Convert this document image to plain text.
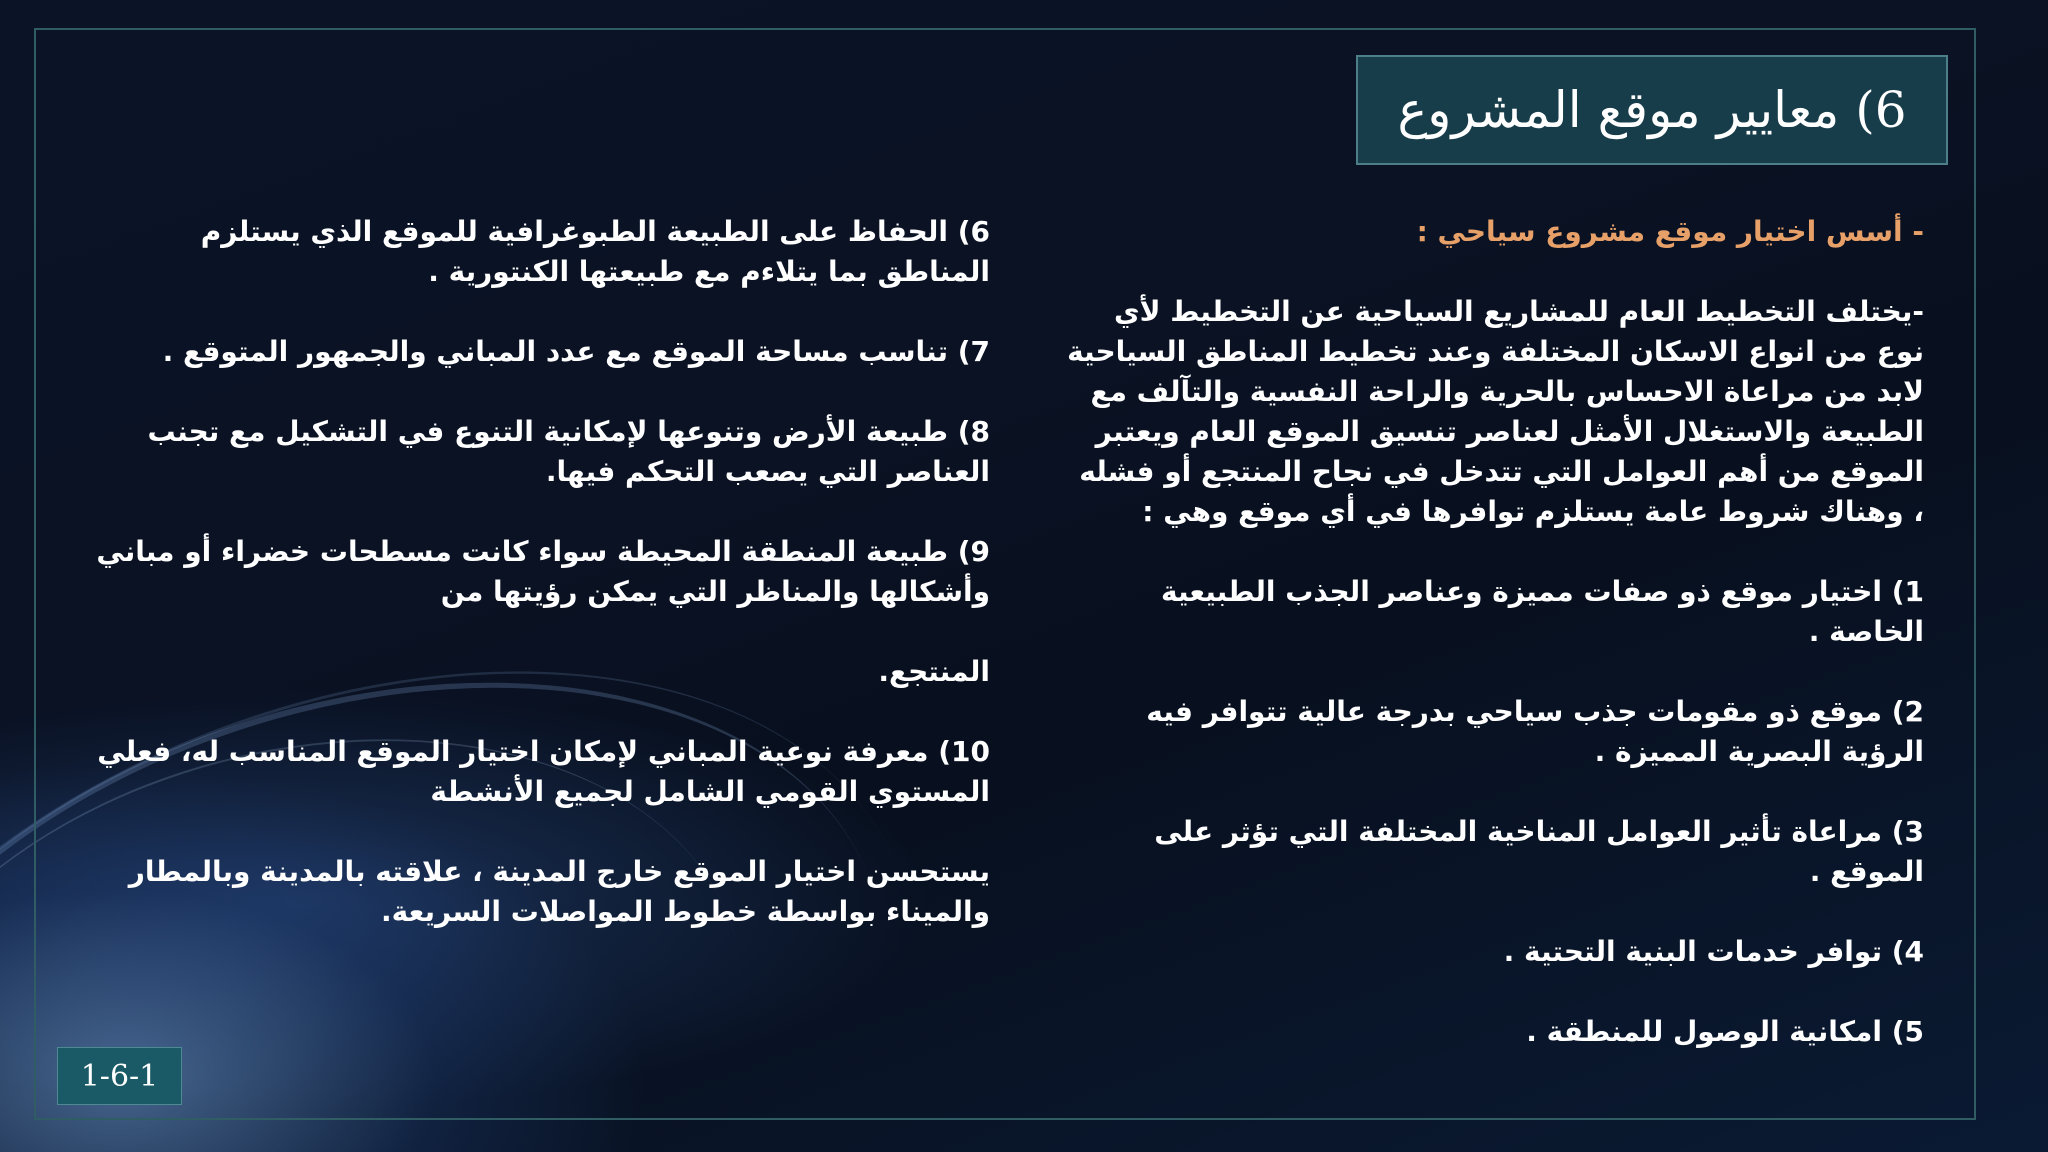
6) معايير موقع المشروع
- أسس اختيار موقع مشروع سياحي :

-يختلف التخطيط العام للمشاريع السياحية عن التخطيط لأي نوع من انواع الاسكان المختلفة وعند تخطيط المناطق السياحية لابد من مراعاة الاحساس بالحرية والراحة النفسية والتآلف مع الطبيعة والاستغلال الأمثل لعناصر تنسيق الموقع العام ويعتبر الموقع من أهم العوامل التي تتدخل في نجاح المنتجع أو فشله ، وهناك شروط عامة يستلزم توافرها في أي موقع وهي :

1) اختيار موقع ذو صفات مميزة وعناصر الجذب الطبيعية الخاصة .

2) موقع ذو مقومات جذب سياحي بدرجة عالية تتوافر فيه الرؤية البصرية المميزة .

3) مراعاة تأثير العوامل المناخية المختلفة التي تؤثر على الموقع .

4) توافر خدمات البنية التحتية .

5) امكانية الوصول للمنطقة .

6) الحفاظ على الطبيعة الطبوغرافية للموقع الذي يستلزم المناطق بما يتلاءم مع طبيعتها الكنتورية .

7) تناسب مساحة الموقع مع عدد المباني والجمهور المتوقع .

8) طبيعة الأرض وتنوعها لإمكانية التنوع في التشكيل مع تجنب العناصر التي يصعب التحكم فيها.

9) طبيعة المنطقة المحيطة سواء كانت مسطحات خضراء أو مباني وأشكالها والمناظر التي يمكن رؤيتها من

المنتجع.

10) معرفة نوعية المباني لإمكان اختيار الموقع المناسب له، فعلي المستوي القومي الشامل لجميع الأنشطة

يستحسن اختيار الموقع خارج المدينة ، علاقته بالمدينة وبالمطار والميناء بواسطة خطوط المواصلات السريعة.

1-6-1
